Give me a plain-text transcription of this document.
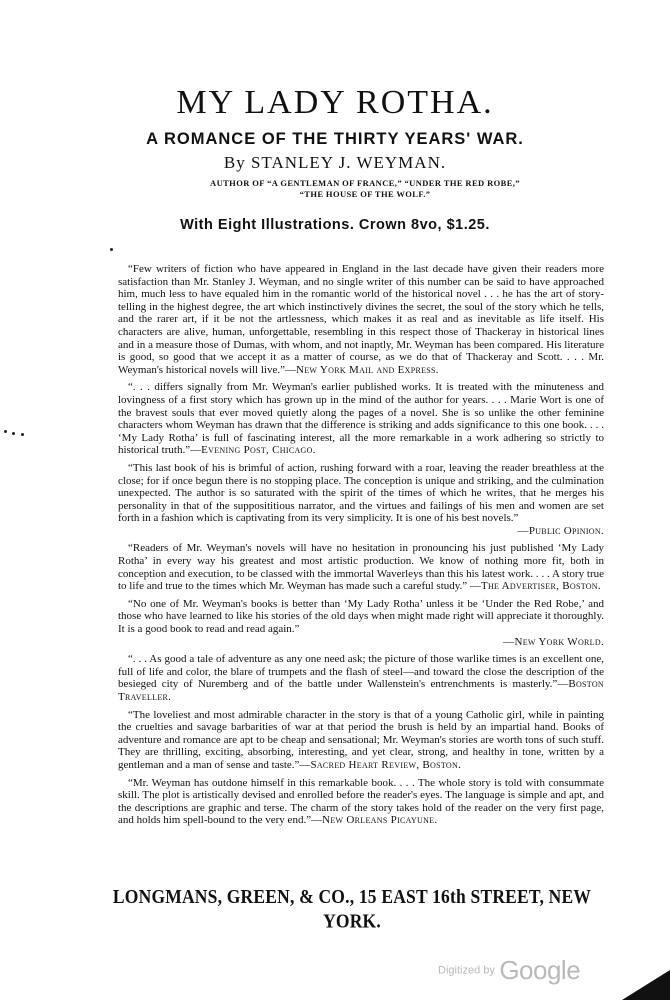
MY LADY ROTHA.
A ROMANCE OF THE THIRTY YEARS' WAR.
By STANLEY J. WEYMAN.
AUTHOR OF “A GENTLEMAN OF FRANCE,” “UNDER THE RED ROBE,”
“THE HOUSE OF THE WOLF.”
With Eight Illustrations. Crown 8vo, $1.25.

“Few writers of fiction who have appeared in England in the last decade have given their readers more satisfaction than Mr. Stanley J. Weyman, and no single writer of this number can be said to have approached him, much less to have equaled him in the romantic world of the historical novel . . . he has the art of story-telling in the highest degree, the art which instinctively divines the secret, the soul of the story which he tells, and the rarer art, if it be not the artlessness, which makes it as real and as inevitable as life itself. His characters are alive, human, unforgettable, resembling in this respect those of Thackeray in historical lines and in a measure those of Dumas, with whom, and not inaptly, Mr. Weyman has been compared. His literature is good, so good that we accept it as a matter of course, as we do that of Thackeray and Scott. . . . Mr. Weyman's historical novels will live.”—New York Mail and Express.

“. . . differs signally from Mr. Weyman's earlier published works. It is treated with the minuteness and lovingness of a first story which has grown up in the mind of the author for years. . . . Marie Wort is one of the bravest souls that ever moved quietly along the pages of a novel. She is so unlike the other feminine characters whom Weyman has drawn that the difference is striking and adds significance to this one book. . . . ‘My Lady Rotha’ is full of fascinating interest, all the more remarkable in a work adhering so strictly to historical truth.”—Evening Post, Chicago.

“This last book of his is brimful of action, rushing forward with a roar, leaving the reader breathless at the close; for if once begun there is no stopping place. The conception is unique and striking, and the culmination unexpected. The author is so saturated with the spirit of the times of which he writes, that he merges his personality in that of the supposititious narrator, and the virtues and failings of his men and women are set forth in a fashion which is captivating from its very simplicity. It is one of his best novels.”
—Public Opinion.

“Readers of Mr. Weyman's novels will have no hesitation in pronouncing his just published ‘My Lady Rotha’ in every way his greatest and most artistic production. We know of nothing more fit, both in conception and execution, to be classed with the immortal Waverleys than this his latest work. . . . A story true to life and true to the times which Mr. Weyman has made such a careful study.” —The Advertiser, Boston.

“No one of Mr. Weyman's books is better than ‘My Lady Rotha’ unless it be ‘Under the Red Robe,’ and those who have learned to like his stories of the old days when might made right will appreciate it thoroughly. It is a good book to read and read again.”
—New York World.

“. . . As good a tale of adventure as any one need ask; the picture of those warlike times is an excellent one, full of life and color, the blare of trumpets and the flash of steel—and toward the close the description of the besieged city of Nuremberg and of the battle under Wallenstein's entrenchments is masterly.”—Boston Traveller.

“The loveliest and most admirable character in the story is that of a young Catholic girl, while in painting the cruelties and savage barbarities of war at that period the brush is held by an impartial hand. Books of adventure and romance are apt to be cheap and sensational; Mr. Weyman's stories are worth tons of such stuff. They are thrilling, exciting, absorbing, interesting, and yet clear, strong, and healthy in tone, written by a gentleman and a man of sense and taste.”—Sacred Heart Review, Boston.

“Mr. Weyman has outdone himself in this remarkable book. . . . The whole story is told with consummate skill. The plot is artistically devised and enrolled before the reader's eyes. The language is simple and apt, and the descriptions are graphic and terse. The charm of the story takes hold of the reader on the very first page, and holds him spell-bound to the very end.”—New Orleans Picayune.

LONGMANS, GREEN, & CO., 15 EAST 16th STREET, NEW YORK.
Digitized by Google
